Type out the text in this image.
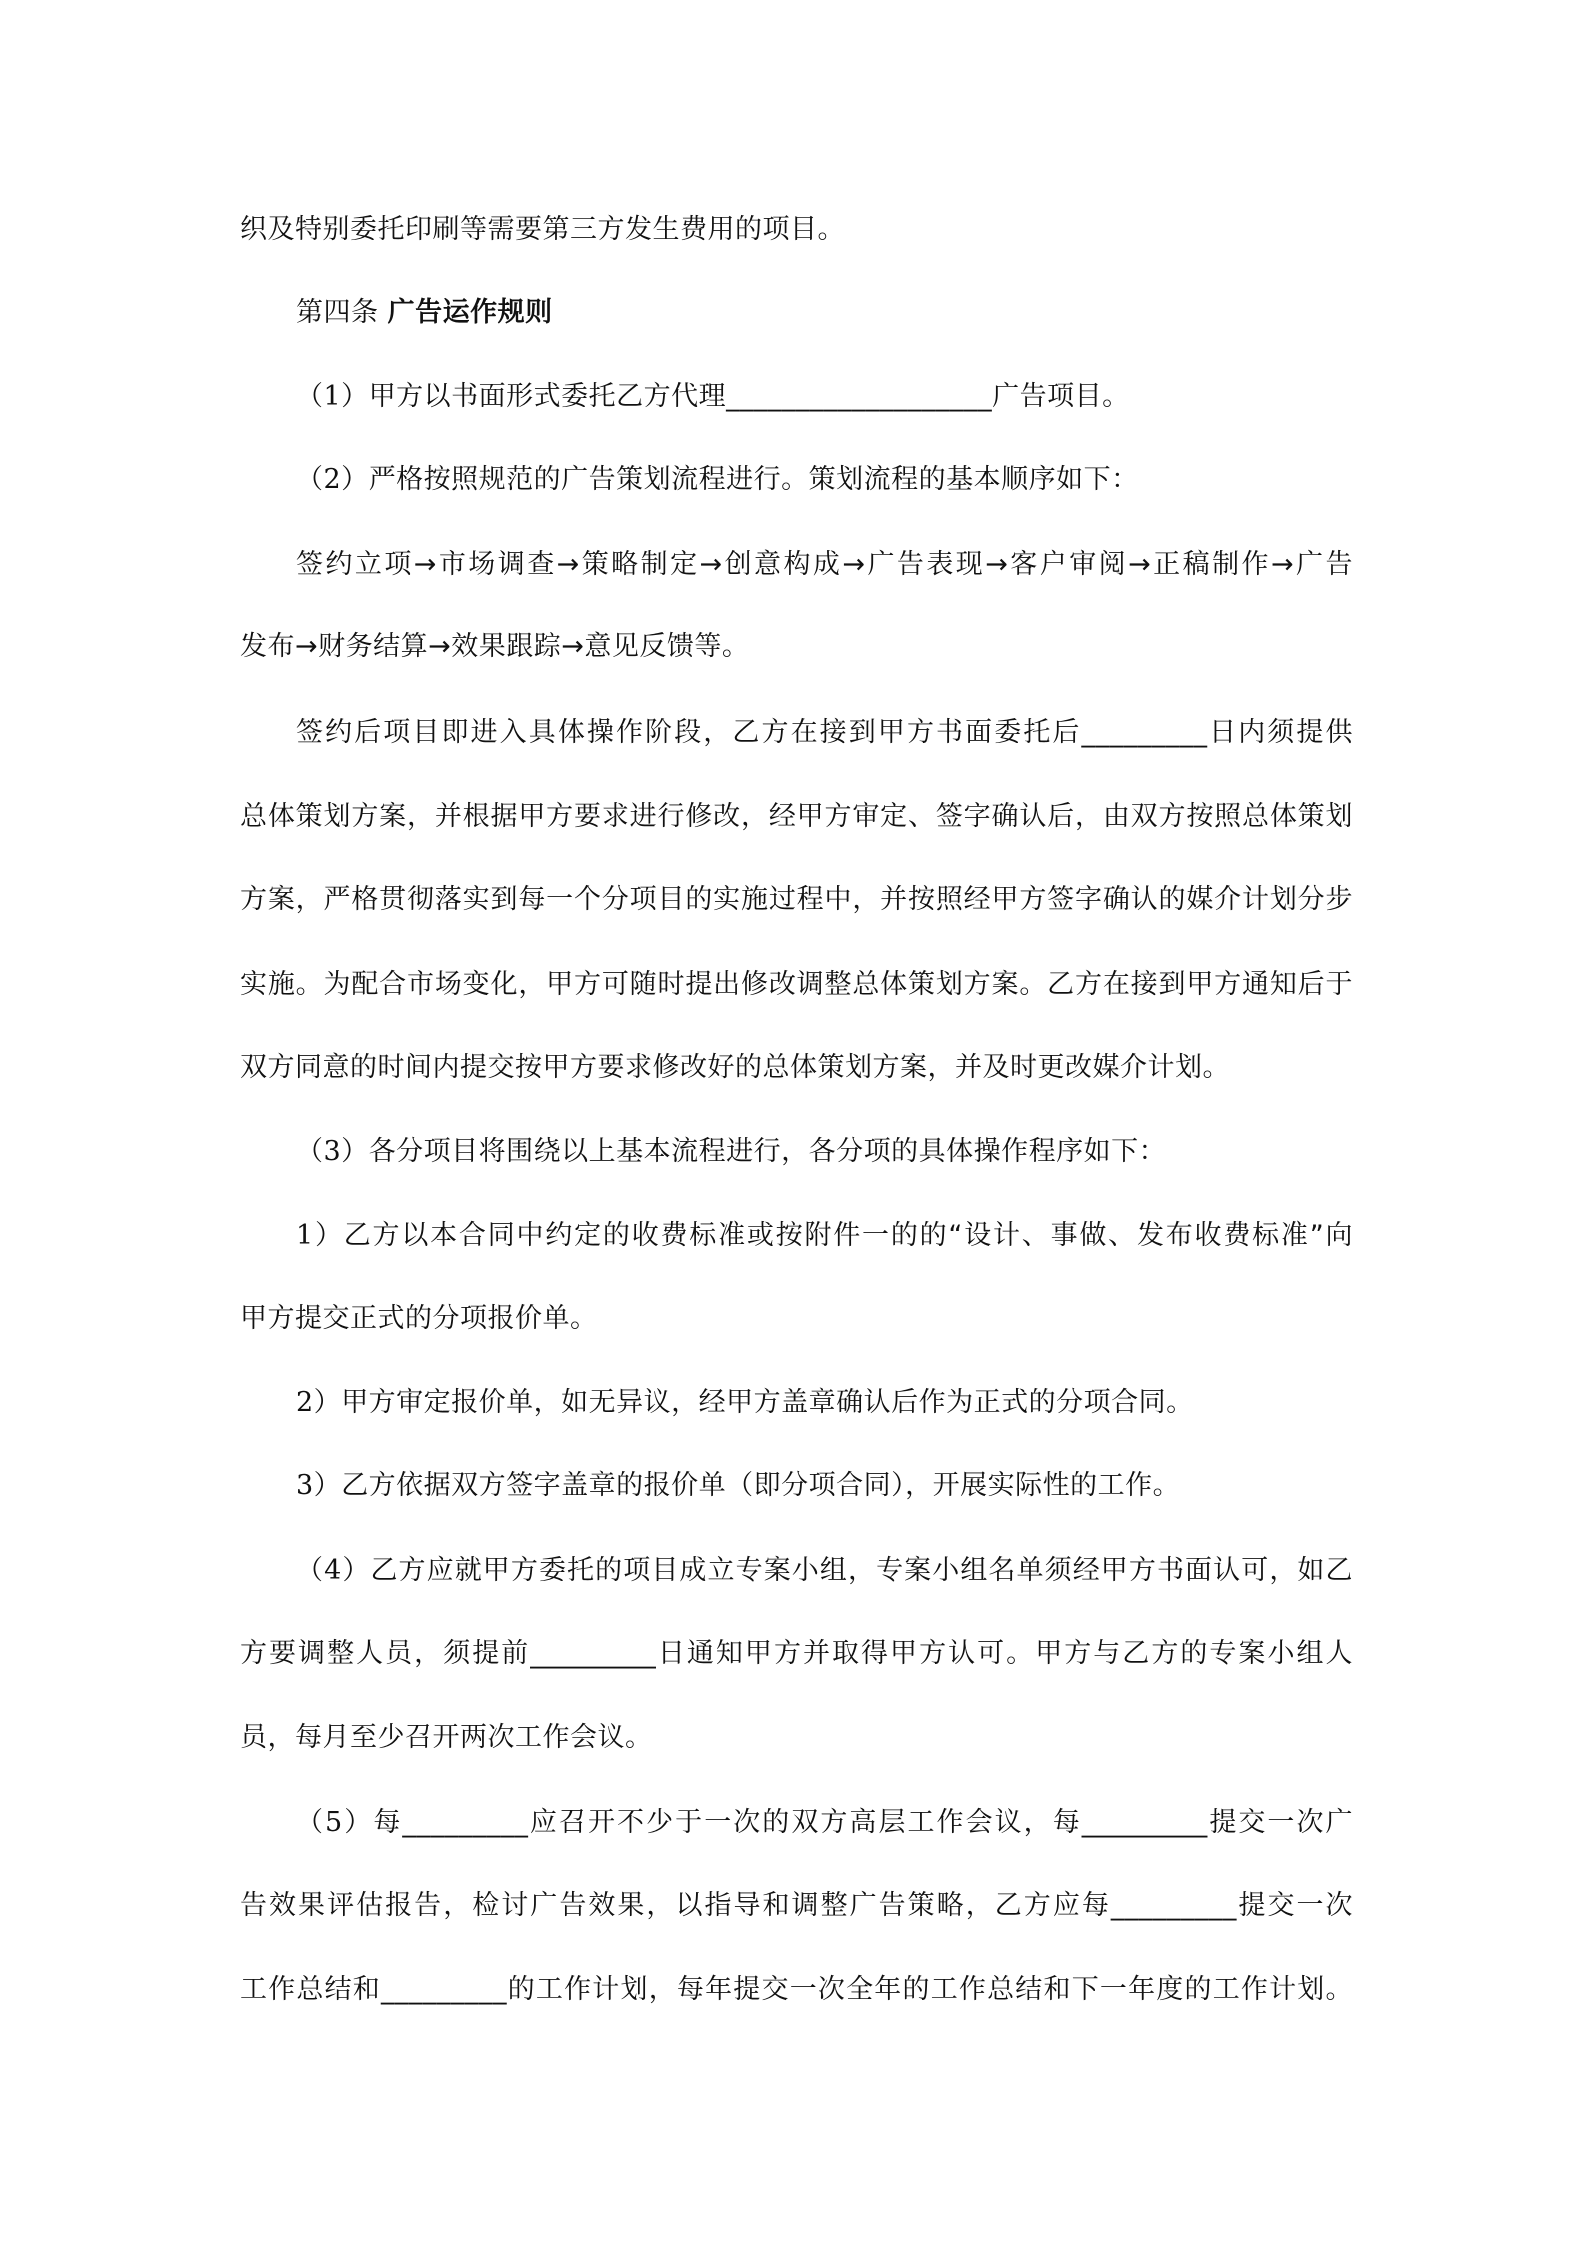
织及特别委托印刷等需要第三方发生费用的项目。
第四条 广告运作规则
（1）甲方以书面形式委托乙方代理___________________广告项目。
（2）严格按照规范的广告策划流程进行。策划流程的基本顺序如下：
签约立项→市场调查→策略制定→创意构成→广告表现→客户审阅→正稿制作→广告
发布→财务结算→效果跟踪→意见反馈等。
签约后项目即进入具体操作阶段，乙方在接到甲方书面委托后_________日内须提供
总体策划方案，并根据甲方要求进行修改，经甲方审定、签字确认后，由双方按照总体策划
方案，严格贯彻落实到每一个分项目的实施过程中，并按照经甲方签字确认的媒介计划分步
实施。为配合市场变化，甲方可随时提出修改调整总体策划方案。乙方在接到甲方通知后于
双方同意的时间内提交按甲方要求修改好的总体策划方案，并及时更改媒介计划。
（3）各分项目将围绕以上基本流程进行，各分项的具体操作程序如下：
1）乙方以本合同中约定的收费标准或按附件一的的“设计、事做、发布收费标准”向
甲方提交正式的分项报价单。
2）甲方审定报价单，如无异议，经甲方盖章确认后作为正式的分项合同。
3）乙方依据双方签字盖章的报价单（即分项合同），开展实际性的工作。
（4）乙方应就甲方委托的项目成立专案小组，专案小组名单须经甲方书面认可，如乙
方要调整人员，须提前_________日通知甲方并取得甲方认可。甲方与乙方的专案小组人
员，每月至少召开两次工作会议。
（5）每_________应召开不少于一次的双方高层工作会议，每_________提交一次广
告效果评估报告，检讨广告效果，以指导和调整广告策略，乙方应每_________提交一次
工作总结和_________的工作计划，每年提交一次全年的工作总结和下一年度的工作计划。
